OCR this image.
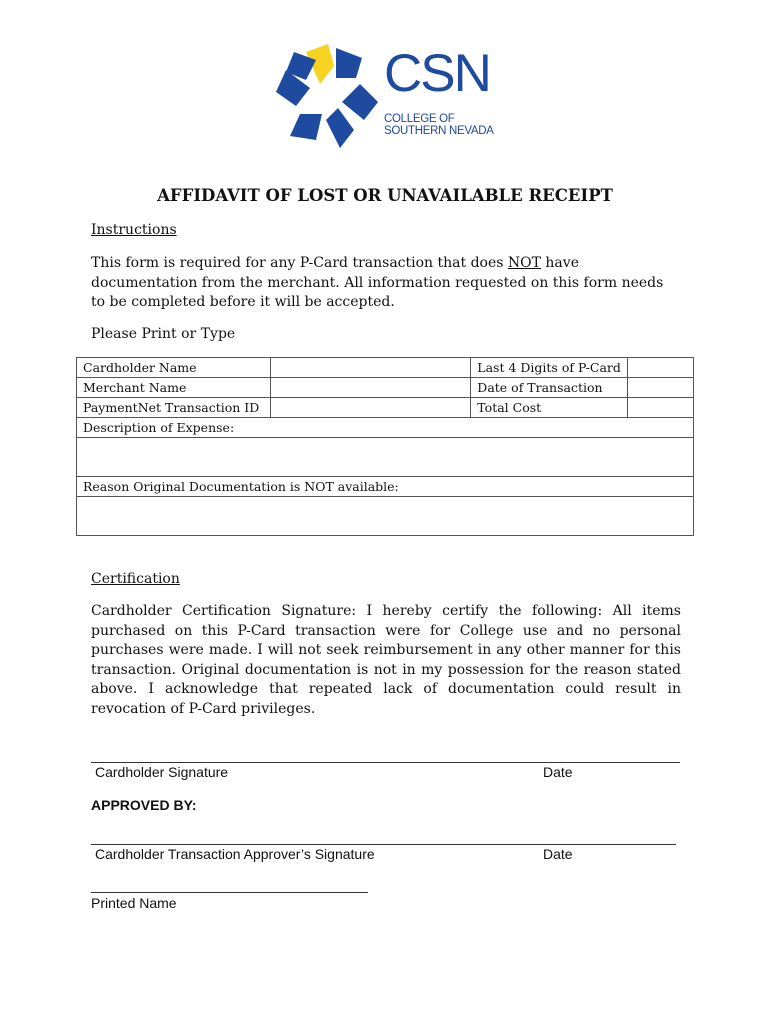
CSN
COLLEGE OF
SOUTHERN NEVADA
AFFIDAVIT OF LOST OR UNAVAILABLE RECEIPT
Instructions
This form is required for any P-Card transaction that does NOT have documentation from the merchant. All information requested on this form needs to be completed before it will be accepted.
Please Print or Type
Cardholder Name		Last 4 Digits of P-Card	
Merchant Name		Date of Transaction	
PaymentNet Transaction ID		Total Cost	
Description of Expense:			

Reason Original Documentation is NOT available:			

Certification
Cardholder Certification Signature: I hereby certify the following: All items purchased on this P-Card transaction were for College use and no personal purchases were made. I will not seek reimbursement in any other manner for this transaction. Original documentation is not in my possession for the reason stated above. I acknowledge that repeated lack of documentation could result in revocation of P-Card privileges.
Cardholder Signature	Date
APPROVED BY:
Cardholder Transaction Approver’s Signature	Date
Printed Name
